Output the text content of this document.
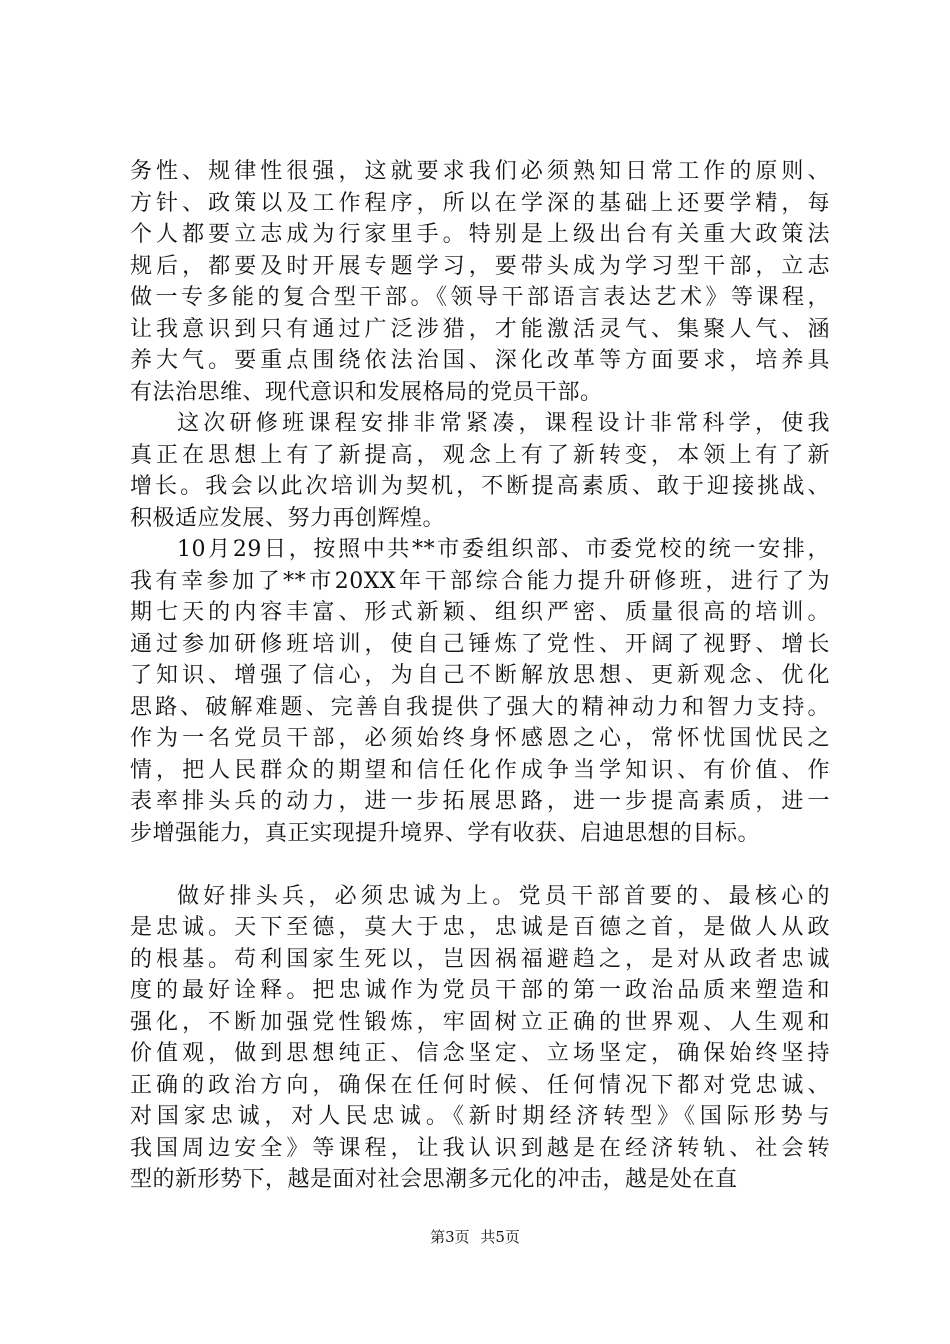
务性、规律性很强，这就要求我们必须熟知日常工作的原则、
方针、政策以及工作程序，所以在学深的基础上还要学精，每
个人都要立志成为行家里手。特别是上级出台有关重大政策法
规后，都要及时开展专题学习，要带头成为学习型干部，立志
做一专多能的复合型干部。《领导干部语言表达艺术》等课程，
让我意识到只有通过广泛涉猎，才能激活灵气、集聚人气、涵
养大气。要重点围绕依法治国、深化改革等方面要求，培养具
有法治思维、现代意识和发展格局的党员干部。
这次研修班课程安排非常紧凑，课程设计非常科学，使我
真正在思想上有了新提高，观念上有了新转变，本领上有了新
增长。我会以此次培训为契机，不断提高素质、敢于迎接挑战、
积极适应发展、努力再创辉煌。
10月29日，按照中共**市委组织部、市委党校的统一安排，
我有幸参加了**市20XX年干部综合能力提升研修班，进行了为
期七天的内容丰富、形式新颖、组织严密、质量很高的培训。
通过参加研修班培训，使自己锤炼了党性、开阔了视野、增长
了知识、增强了信心，为自己不断解放思想、更新观念、优化
思路、破解难题、完善自我提供了强大的精神动力和智力支持。
作为一名党员干部，必须始终身怀感恩之心，常怀忧国忧民之
情，把人民群众的期望和信任化作成争当学知识、有价值、作
表率排头兵的动力，进一步拓展思路，进一步提高素质，进一
步增强能力，真正实现提升境界、学有收获、启迪思想的目标。
做好排头兵，必须忠诚为上。党员干部首要的、最核心的
是忠诚。天下至德，莫大于忠，忠诚是百德之首，是做人从政
的根基。苟利国家生死以，岂因祸福避趋之，是对从政者忠诚
度的最好诠释。把忠诚作为党员干部的第一政治品质来塑造和
强化，不断加强党性锻炼，牢固树立正确的世界观、人生观和
价值观，做到思想纯正、信念坚定、立场坚定，确保始终坚持
正确的政治方向，确保在任何时候、任何情况下都对党忠诚、
对国家忠诚，对人民忠诚。《新时期经济转型》《国际形势与
我国周边安全》等课程，让我认识到越是在经济转轨、社会转
型的新形势下，越是面对社会思潮多元化的冲击，越是处在直
第3页 共5页
